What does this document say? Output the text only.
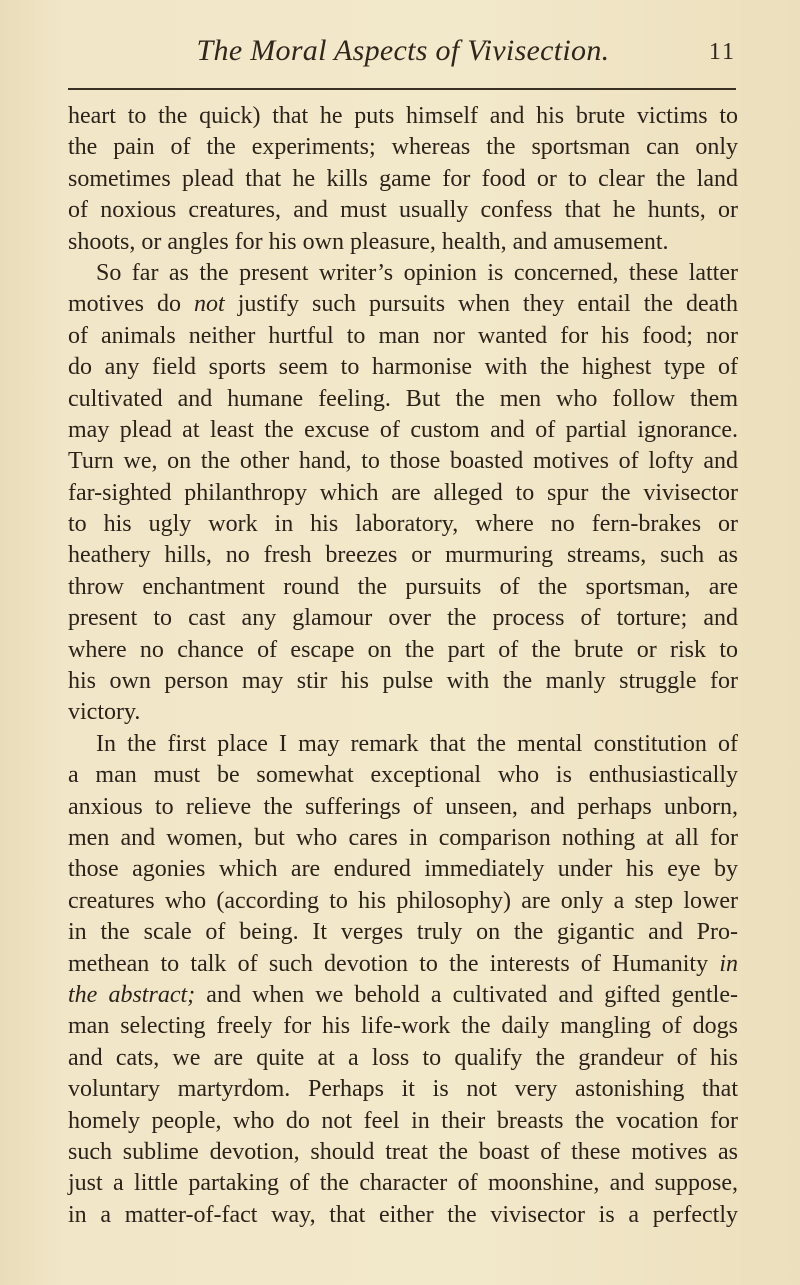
The Moral Aspects of Vivisection.	11
heart to the quick) that he puts himself and his brute victims to
the pain of the experiments; whereas the sportsman can only
sometimes plead that he kills game for food or to clear the land
of noxious creatures, and must usually confess that he hunts, or
shoots, or angles for his own pleasure, health, and amusement.
So far as the present writer’s opinion is concerned, these latter
motives do not justify such pursuits when they entail the death
of animals neither hurtful to man nor wanted for his food; nor
do any field sports seem to harmonise with the highest type of
cultivated and humane feeling. But the men who follow them
may plead at least the excuse of custom and of partial ignorance.
Turn we, on the other hand, to those boasted motives of lofty and
far-sighted philanthropy which are alleged to spur the vivisector
to his ugly work in his laboratory, where no fern-brakes or
heathery hills, no fresh breezes or murmuring streams, such as
throw enchantment round the pursuits of the sportsman, are
present to cast any glamour over the process of torture; and
where no chance of escape on the part of the brute or risk to
his own person may stir his pulse with the manly struggle for
victory.
In the first place I may remark that the mental constitution of
a man must be somewhat exceptional who is enthusiastically
anxious to relieve the sufferings of unseen, and perhaps unborn,
men and women, but who cares in comparison nothing at all for
those agonies which are endured immediately under his eye by
creatures who (according to his philosophy) are only a step lower
in the scale of being. It verges truly on the gigantic and Pro-
methean to talk of such devotion to the interests of Humanity in
the abstract; and when we behold a cultivated and gifted gentle-
man selecting freely for his life-work the daily mangling of dogs
and cats, we are quite at a loss to qualify the grandeur of his
voluntary martyrdom. Perhaps it is not very astonishing that
homely people, who do not feel in their breasts the vocation for
such sublime devotion, should treat the boast of these motives as
just a little partaking of the character of moonshine, and suppose,
in a matter-of-fact way, that either the vivisector is a perfectly
